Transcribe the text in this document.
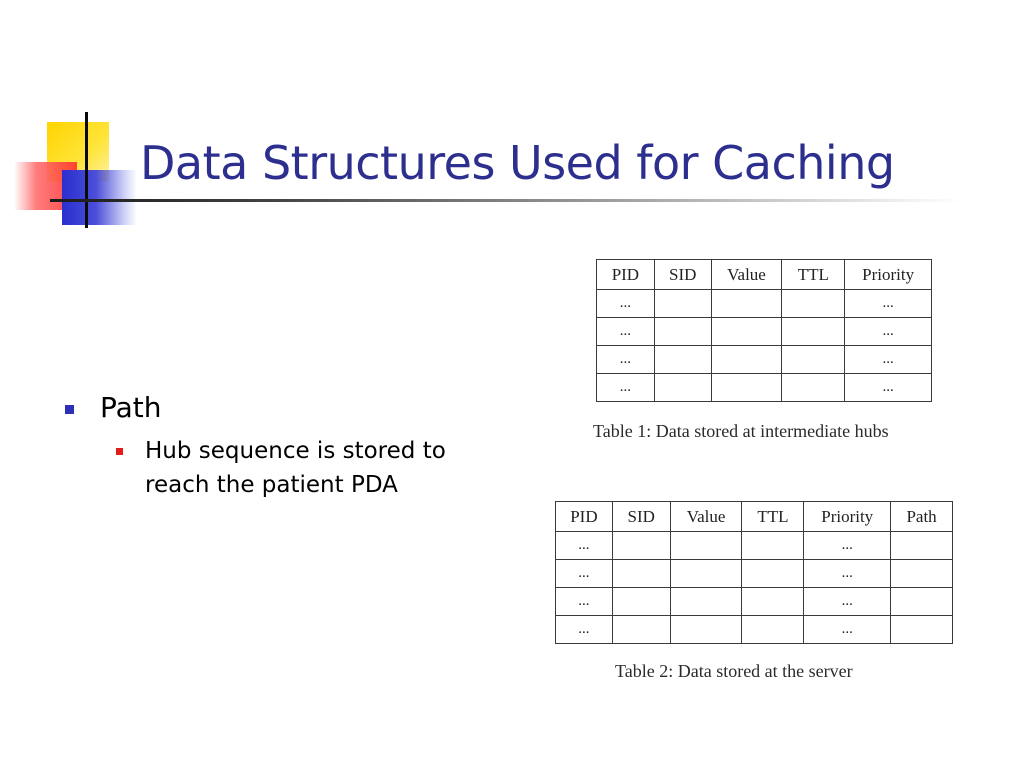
Data Structures Used for Caching
Path
Hub sequence is stored to reach the patient PDA
PID	SID	Value	TTL	Priority
...				...
...				...
...				...
...				...
Table 1: Data stored at intermediate hubs
PID	SID	Value	TTL	Priority	Path
...				...	
...				...	
...				...	
...				...	
Table 2: Data stored at the server
